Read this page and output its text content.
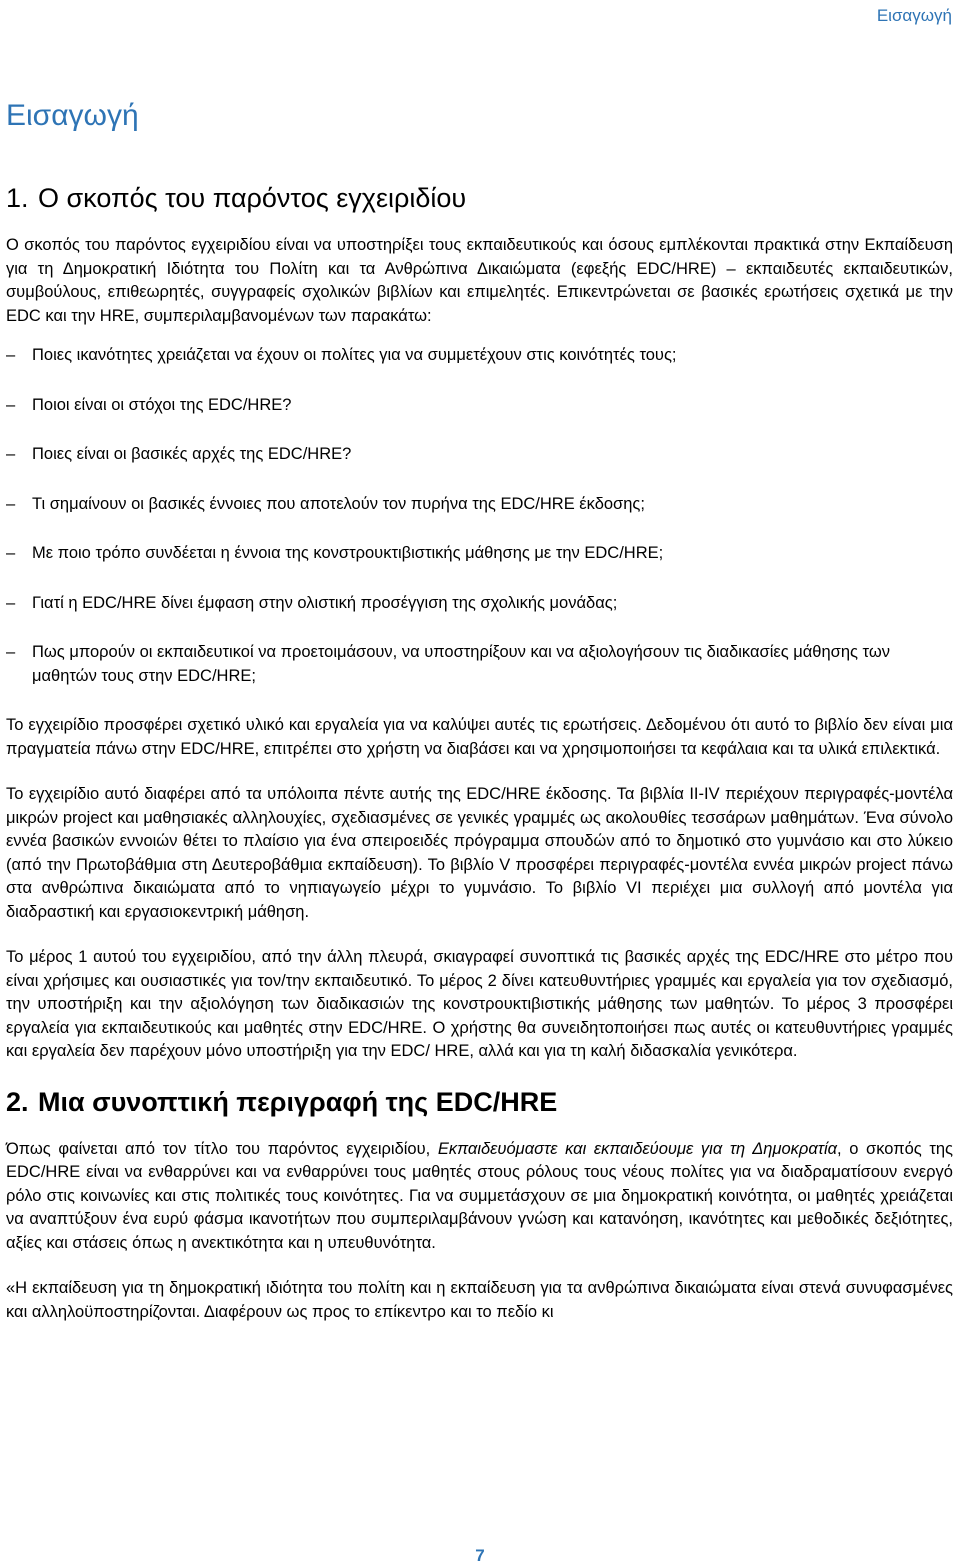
Εισαγωγή
Εισαγωγή
1. Ο σκοπός του παρόντος εγχειριδίου

Ο σκοπός του παρόντος εγχειριδίου είναι να υποστηρίξει τους εκπαιδευτικούς και όσους εμπλέκονται πρακτικά στην Εκπαίδευση για τη Δημοκρατική Ιδιότητα του Πολίτη και τα Ανθρώπινα Δικαιώματα (εφεξής EDC/HRE) – εκπαιδευτές εκπαιδευτικών, συμβούλους, επιθεωρητές, συγγραφείς σχολικών βιβλίων και επιμελητές. Επικεντρώνεται σε βασικές ερωτήσεις σχετικά με την EDC και την HRE, συμπεριλαμβανομένων των παρακάτω:

– Ποιες ικανότητες χρειάζεται να έχουν οι πολίτες για να συμμετέχουν στις κοινότητές τους;
– Ποιοι είναι οι στόχοι της EDC/HRE?
– Ποιες είναι οι βασικές αρχές της EDC/HRE?
– Τι σημαίνουν οι βασικές έννοιες που αποτελούν τον πυρήνα της EDC/HRE έκδοσης;
– Με ποιο τρόπο συνδέεται η έννοια της κονστρουκτιβιστικής μάθησης με την EDC/HRE;
– Γιατί η EDC/HRE δίνει έμφαση στην ολιστική προσέγγιση της σχολικής μονάδας;
– Πως μπορούν οι εκπαιδευτικοί να προετοιμάσουν, να υποστηρίξουν και να αξιολογήσουν τις διαδικασίες μάθησης των μαθητών τους στην EDC/HRE;

Το εγχειρίδιο προσφέρει σχετικό υλικό και εργαλεία για να καλύψει αυτές τις ερωτήσεις. Δεδομένου ότι αυτό το βιβλίο δεν είναι μια πραγματεία πάνω στην EDC/HRE, επιτρέπει στο χρήστη να διαβάσει και να χρησιμοποιήσει τα κεφάλαια και τα υλικά επιλεκτικά.

Το εγχειρίδιο αυτό διαφέρει από τα υπόλοιπα πέντε αυτής της EDC/HRE έκδοσης. Τα βιβλία II-IV περιέχουν περιγραφές-μοντέλα μικρών project και μαθησιακές αλληλουχίες, σχεδιασμένες σε γενικές γραμμές ως ακολουθίες τεσσάρων μαθημάτων. Ένα σύνολο εννέα βασικών εννοιών θέτει το πλαίσιο για ένα σπειροειδές πρόγραμμα σπουδών από το δημοτικό στο γυμνάσιο και στο λύκειο (από την Πρωτοβάθμια στη Δευτεροβάθμια εκπαίδευση). Το βιβλίο V προσφέρει περιγραφές-μοντέλα εννέα μικρών project πάνω στα ανθρώπινα δικαιώματα από το νηπιαγωγείο μέχρι το γυμνάσιο. Το βιβλίο VI περιέχει μια συλλογή από μοντέλα για διαδραστική και εργασιοκεντρική μάθηση.

Το μέρος 1 αυτού του εγχειριδίου, από την άλλη πλευρά, σκιαγραφεί συνοπτικά τις βασικές αρχές της EDC/HRE στο μέτρο που είναι χρήσιμες και ουσιαστικές για τον/την εκπαιδευτικό. Το μέρος 2 δίνει κατευθυντήριες γραμμές και εργαλεία για τον σχεδιασμό, την υποστήριξη και την αξιολόγηση των διαδικασιών της κονστρουκτιβιστικής μάθησης των μαθητών. Το μέρος 3 προσφέρει εργαλεία για εκπαιδευτικούς και μαθητές στην EDC/HRE. Ο χρήστης θα συνειδητοποιήσει πως αυτές οι κατευθυντήριες γραμμές και εργαλεία δεν παρέχουν μόνο υποστήριξη για την EDC/ HRE, αλλά και για τη καλή διδασκαλία γενικότερα.

2. Μια συνοπτική περιγραφή της EDC/HRE

Όπως φαίνεται από τον τίτλο του παρόντος εγχειριδίου, Εκπαιδευόμαστε και εκπαιδεύουμε για τη Δημοκρατία, ο σκοπός της EDC/HRE είναι να ενθαρρύνει και να ενθαρρύνει τους μαθητές στους ρόλους τους νέους πολίτες για να διαδραματίσουν ενεργό ρόλο στις κοινωνίες και στις πολιτικές τους κοινότητες. Για να συμμετάσχουν σε μια δημοκρατική κοινότητα, οι μαθητές χρειάζεται να αναπτύξουν ένα ευρύ φάσμα ικανοτήτων που συμπεριλαμβάνουν γνώση και κατανόηση, ικανότητες και μεθοδικές δεξιότητες, αξίες και στάσεις όπως η ανεκτικότητα και η υπευθυνότητα.

«Η εκπαίδευση για τη δημοκρατική ιδιότητα του πολίτη και η εκπαίδευση για τα ανθρώπινα δικαιώματα είναι στενά συνυφασμένες και αλληλοϋποστηρίζονται. Διαφέρουν ως προς το επίκεντρο και το πεδίο κι

7
